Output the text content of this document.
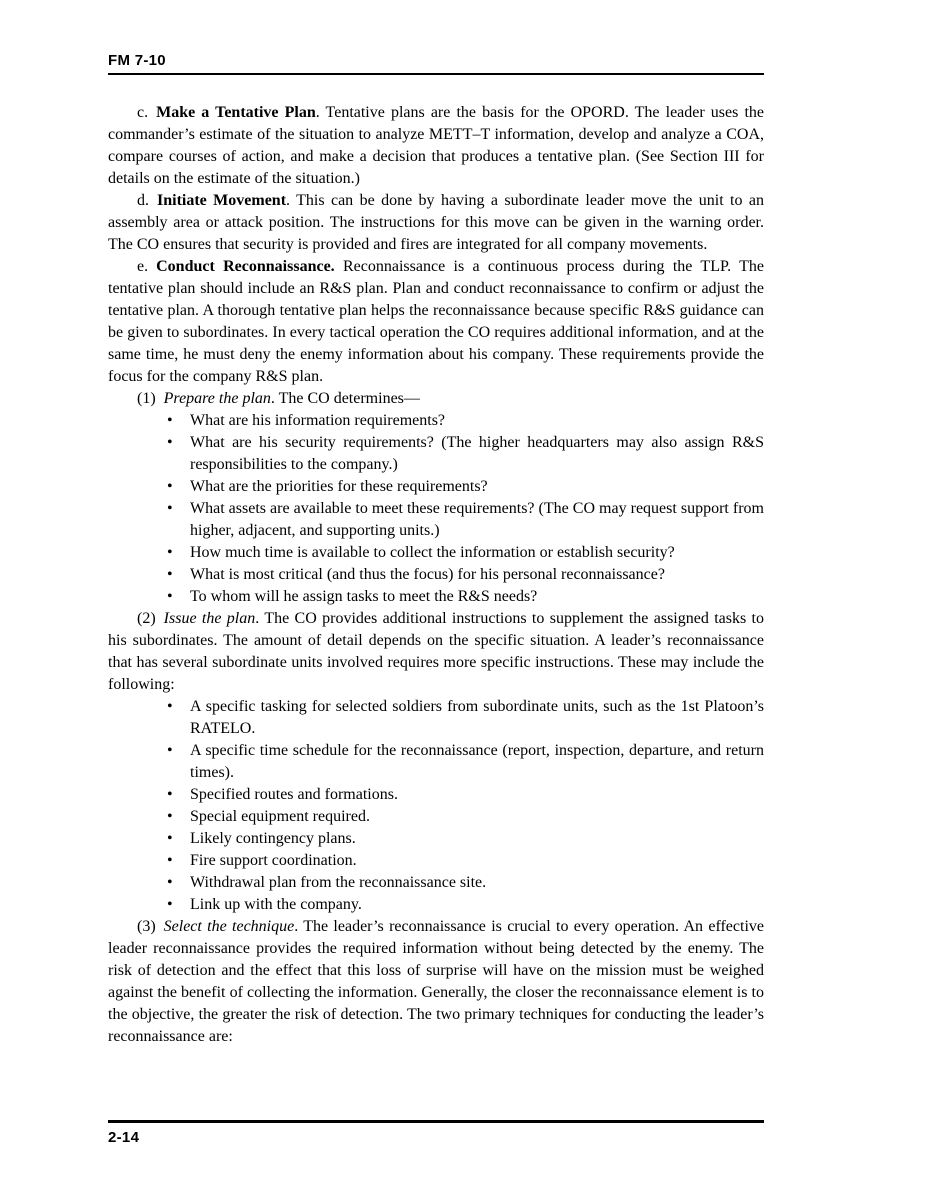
FM 7-10

c. Make a Tentative Plan. Tentative plans are the basis for the OPORD. The leader uses the commander’s estimate of the situation to analyze METT–T information, develop and analyze a COA, compare courses of action, and make a decision that produces a tentative plan. (See Section III for details on the estimate of the situation.)

d. Initiate Movement. This can be done by having a subordinate leader move the unit to an assembly area or attack position. The instructions for this move can be given in the warning order. The CO ensures that security is provided and fires are integrated for all company movements.

e. Conduct Reconnaissance. Reconnaissance is a continuous process during the TLP. The tentative plan should include an R&S plan. Plan and conduct reconnaissance to confirm or adjust the tentative plan. A thorough tentative plan helps the reconnaissance because specific R&S guidance can be given to subordinates. In every tactical operation the CO requires additional information, and at the same time, he must deny the enemy information about his company. These requirements provide the focus for the company R&S plan.

(1) Prepare the plan. The CO determines—

• What are his information requirements?
• What are his security requirements? (The higher headquarters may also assign R&S responsibilities to the company.)
• What are the priorities for these requirements?
• What assets are available to meet these requirements? (The CO may request support from higher, adjacent, and supporting units.)
• How much time is available to collect the information or establish security?
• What is most critical (and thus the focus) for his personal reconnaissance?
• To whom will he assign tasks to meet the R&S needs?

(2) Issue the plan. The CO provides additional instructions to supplement the assigned tasks to his subordinates. The amount of detail depends on the specific situation. A leader’s reconnaissance that has several subordinate units involved requires more specific instructions. These may include the following:

• A specific tasking for selected soldiers from subordinate units, such as the 1st Platoon’s RATELO.
• A specific time schedule for the reconnaissance (report, inspection, departure, and return times).
• Specified routes and formations.
• Special equipment required.
• Likely contingency plans.
• Fire support coordination.
• Withdrawal plan from the reconnaissance site.
• Link up with the company.

(3) Select the technique. The leader’s reconnaissance is crucial to every operation. An effective leader reconnaissance provides the required information without being detected by the enemy. The risk of detection and the effect that this loss of surprise will have on the mission must be weighed against the benefit of collecting the information. Generally, the closer the reconnaissance element is to the objective, the greater the risk of detection. The two primary techniques for conducting the leader’s reconnaissance are:

2-14
